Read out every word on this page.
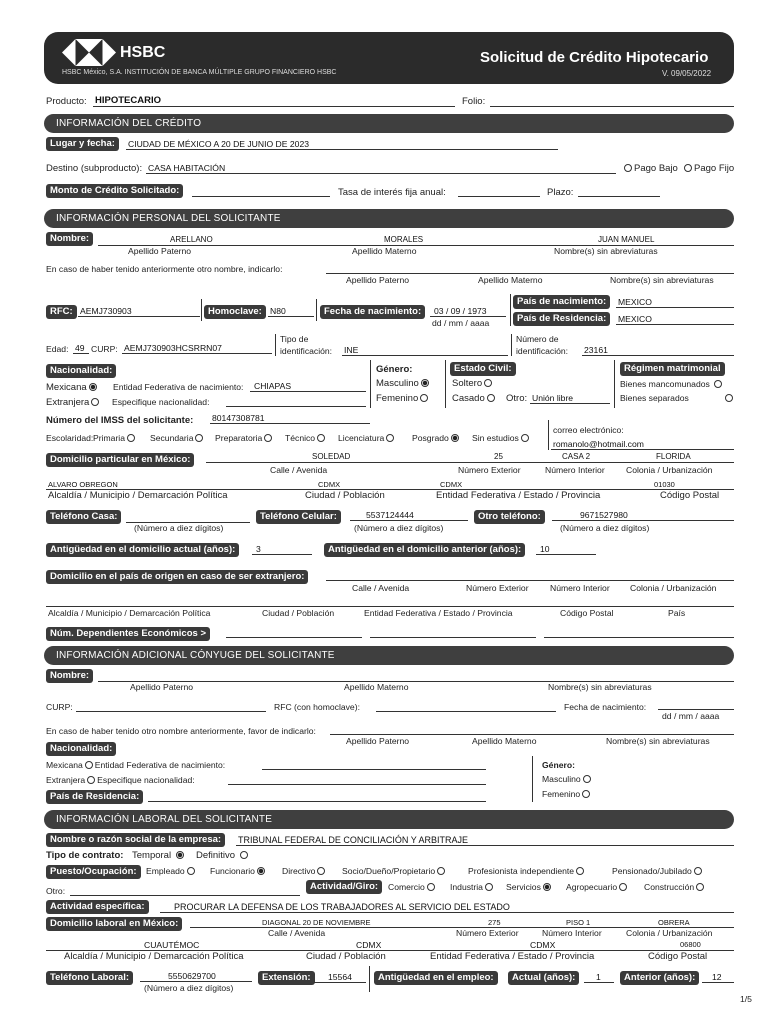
HSBC
HSBC México, S.A. INSTITUCIÓN DE BANCA MÚLTIPLE GRUPO FINANCIERO HSBC
Solicitud de Crédito Hipotecario
V. 09/05/2022
Producto: HIPOTECARIO	Folio:
INFORMACIÓN DEL CRÉDITO
Lugar y fecha:	CIUDAD DE MÉXICO A 20 DE JUNIO DE 2023
Destino (subproducto): CASA HABITACIÓN	Pago Bajo	Pago Fijo
Monto de Crédito Solicitado:	Tasa de interés fija anual:	Plazo:
INFORMACIÓN PERSONAL DEL SOLICITANTE
Nombre:	ARELLANO	MORALES	JUAN MANUEL
Apellido Paterno	Apellido Materno	Nombre(s) sin abreviaturas
En caso de haber tenido anteriormente otro nombre, indicarlo:
Apellido Paterno	Apellido Materno	Nombre(s) sin abreviaturas
RFC: AEMJ730903	Homoclave: N80	Fecha de nacimiento:	03 / 09 / 1973
dd / mm / aaaa
País de nacimiento:	MEXICO
País de Residencia:	MEXICO
Edad: 49 CURP: AEMJ730903HCSRRN07
Tipo de
identificación: INE
Número de
identificación: 23161
Nacionalidad:
Mexicana	Entidad Federativa de nacimiento: CHIAPAS
Extranjera	Especifique nacionalidad:
Género:
Masculino
Femenino
Estado Civil:
Soltero
Casado	Otro: Unión libre
Régimen matrimonial
Bienes mancomunados
Bienes separados
Número del IMSS del solicitante: 80147308781
correo electrónico:
romanolo@hotmail.com
Escolaridad: Primaria	Secundaria	Preparatoria	Técnico	Licenciatura	Posgrado	Sin estudios
Domicilio particular en México:	SOLEDAD	25	CASA 2	FLORIDA
Calle / Avenida	Número Exterior	Número Interior Colonia / Urbanización
ALVARO OBREGON	CDMX	CDMX	01030
Alcaldía / Municipio / Demarcación Política	Ciudad / Población	Entidad Federativa / Estado / Provincia	Código Postal
Teléfono Casa:
(Número a diez dígitos)
Teléfono Celular:	5537124444
(Número a diez dígitos)
Otro teléfono:	9671527980
(Número a diez dígitos)
Antigüedad en el domicilio actual (años):	3	Antigüedad en el domicilio anterior (años):	10
Domicilio en el país de origen en caso de ser extranjero:
Calle / Avenida	Número Exterior Número Interior Colonia / Urbanización
Alcaldía / Municipio / Demarcación Política	Ciudad / Población	Entidad Federativa / Estado / Provincia	Código Postal	País
Núm. Dependientes Económicos >
INFORMACIÓN ADICIONAL CÓNYUGE DEL SOLICITANTE
Nombre:
Apellido Paterno	Apellido Materno	Nombre(s) sin abreviaturas
CURP:	RFC (con homoclave):	Fecha de nacimiento:
dd / mm / aaaa
En caso de haber tenido otro nombre anteriormente, favor de indicarlo:
Apellido Paterno	Apellido Materno	Nombre(s) sin abreviaturas
Nacionalidad:
Mexicana Entidad Federativa de nacimiento:
Extranjera Especifique nacionalidad:
País de Residencia:
Género:
Masculino
Femenino
INFORMACIÓN LABORAL DEL SOLICITANTE
Nombre o razón social de la empresa:	TRIBUNAL FEDERAL DE CONCILIACIÓN Y ARBITRAJE
Tipo de contrato: Temporal	Definitivo
Puesto/Ocupación:	Empleado	Funcionario	Directivo	Socio/Dueño/Propietario	Profesionista independiente	Pensionado/Jubilado
Otro:	Actividad/Giro:	Comercio	Industria	Servicios	Agropecuario	Construcción
Actividad específica:	PROCURAR LA DEFENSA DE LOS TRABAJADORES AL SERVICIO DEL ESTADO
Domicilio laboral en México:	DIAGONAL 20 DE NOVIEMBRE	275	PISO 1	OBRERA
Calle / Avenida	Número Exterior	Número Interior	Colonia / Urbanización
CUAUTÉMOC	CDMX	CDMX	06800
Alcaldía / Municipio / Demarcación Política	Ciudad / Población	Entidad Federativa / Estado / Provincia	Código Postal
Teléfono Laboral:	5550629700
(Número a diez dígitos)
Extensión:	15564	Antigüedad en el empleo:	Actual (años):	1	Anterior (años):	12
1/5
